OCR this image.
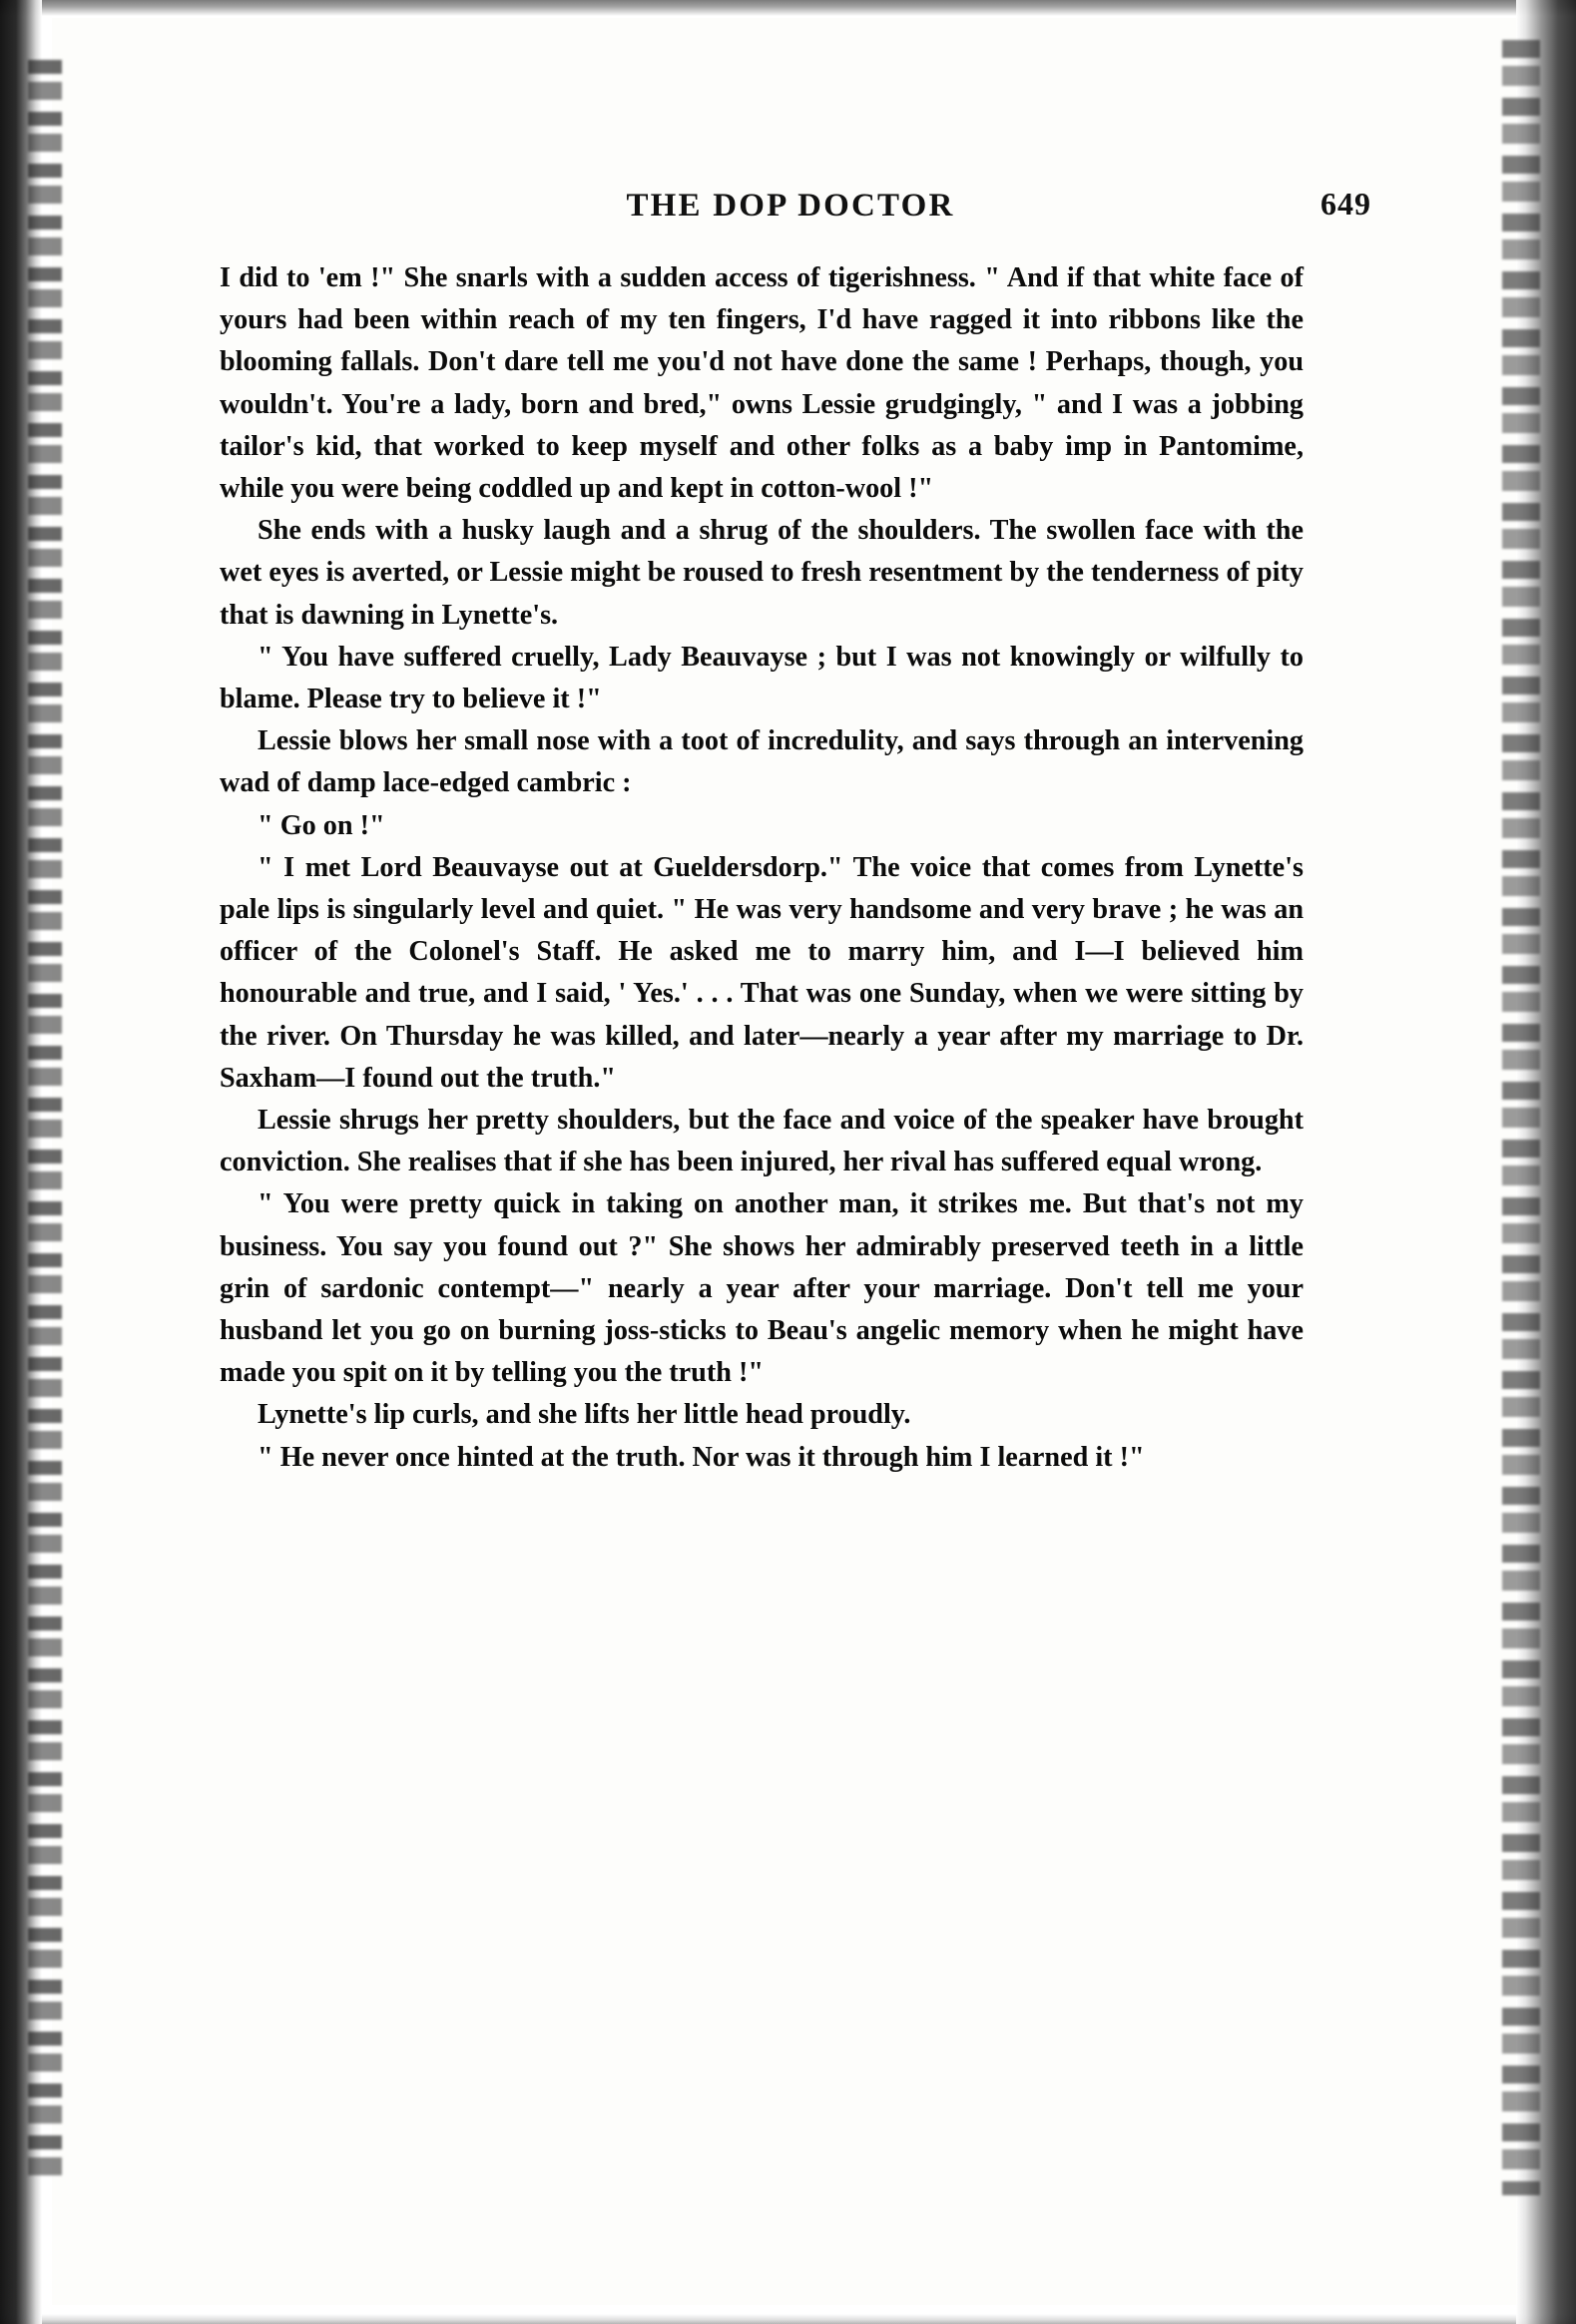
THE DOP DOCTOR	649

I did to 'em !" She snarls with a sudden access of tigerishness. " And if that white face of yours had been within reach of my ten fingers, I'd have ragged it into ribbons like the blooming fallals. Don't dare tell me you'd not have done the same ! Perhaps, though, you wouldn't. You're a lady, born and bred," owns Lessie grudgingly, " and I was a jobbing tailor's kid, that worked to keep myself and other folks as a baby imp in Pantomime, while you were being coddled up and kept in cotton-wool !"

She ends with a husky laugh and a shrug of the shoulders. The swollen face with the wet eyes is averted, or Lessie might be roused to fresh resentment by the tenderness of pity that is dawning in Lynette's.

" You have suffered cruelly, Lady Beauvayse ; but I was not knowingly or wilfully to blame. Please try to believe it !"

Lessie blows her small nose with a toot of incredulity, and says through an intervening wad of damp lace-edged cambric :

" Go on !"

" I met Lord Beauvayse out at Gueldersdorp." The voice that comes from Lynette's pale lips is singularly level and quiet. " He was very handsome and very brave ; he was an officer of the Colonel's Staff. He asked me to marry him, and I—I believed him honourable and true, and I said, ' Yes.' . . . That was one Sunday, when we were sitting by the river. On Thursday he was killed, and later—nearly a year after my marriage to Dr. Saxham—I found out the truth."

Lessie shrugs her pretty shoulders, but the face and voice of the speaker have brought conviction. She realises that if she has been injured, her rival has suffered equal wrong.

" You were pretty quick in taking on another man, it strikes me. But that's not my business. You say you found out ?" She shows her admirably preserved teeth in a little grin of sardonic contempt—" nearly a year after your marriage. Don't tell me your husband let you go on burning joss-sticks to Beau's angelic memory when he might have made you spit on it by telling you the truth !"

Lynette's lip curls, and she lifts her little head proudly.

" He never once hinted at the truth. Nor was it through him I learned it !"
